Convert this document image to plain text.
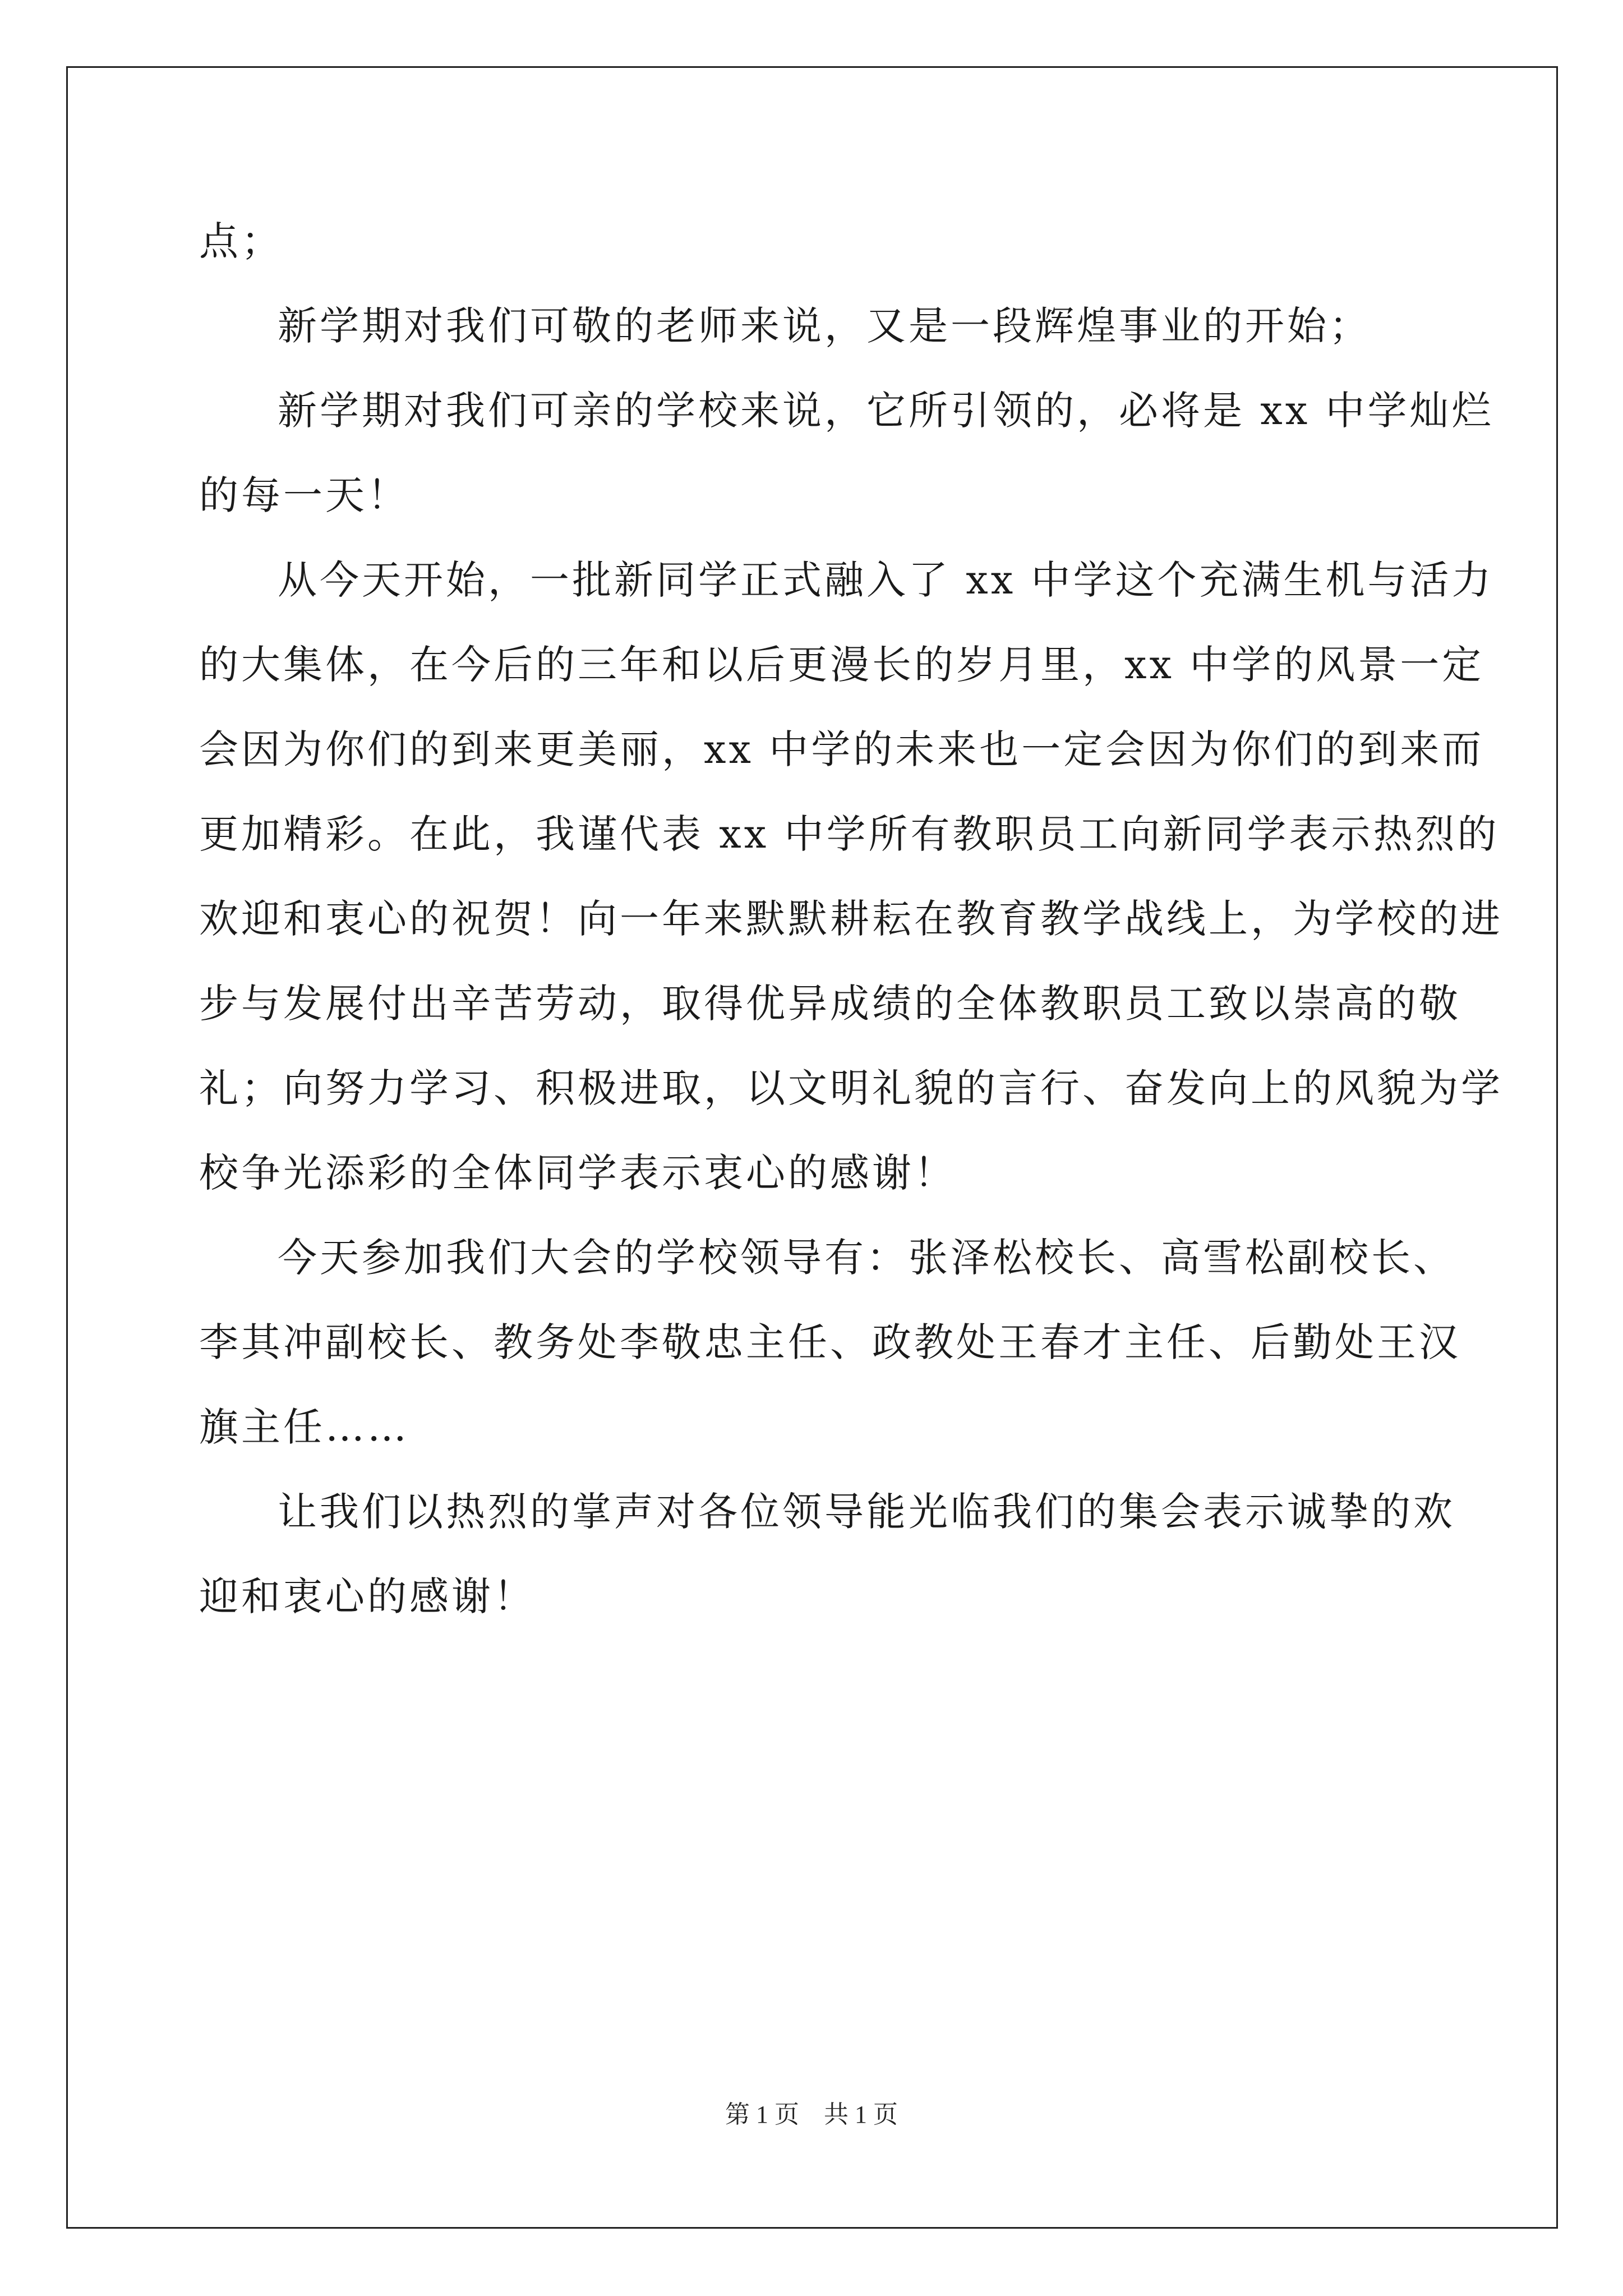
点；
新学期对我们可敬的老师来说，又是一段辉煌事业的开始；
新学期对我们可亲的学校来说，它所引领的，必将是 xx 中学灿烂
的每一天！
从今天开始，一批新同学正式融入了 xx 中学这个充满生机与活力
的大集体，在今后的三年和以后更漫长的岁月里，xx 中学的风景一定
会因为你们的到来更美丽，xx 中学的未来也一定会因为你们的到来而
更加精彩。在此，我谨代表 xx 中学所有教职员工向新同学表示热烈的
欢迎和衷心的祝贺！向一年来默默耕耘在教育教学战线上，为学校的进
步与发展付出辛苦劳动，取得优异成绩的全体教职员工致以崇高的敬
礼；向努力学习、积极进取，以文明礼貌的言行、奋发向上的风貌为学
校争光添彩的全体同学表示衷心的感谢！
今天参加我们大会的学校领导有：张泽松校长、高雪松副校长、
李其冲副校长、教务处李敬忠主任、政教处王春才主任、后勤处王汉
旗主任……
让我们以热烈的掌声对各位领导能光临我们的集会表示诚挚的欢
迎和衷心的感谢！
第 1 页　共 1 页
